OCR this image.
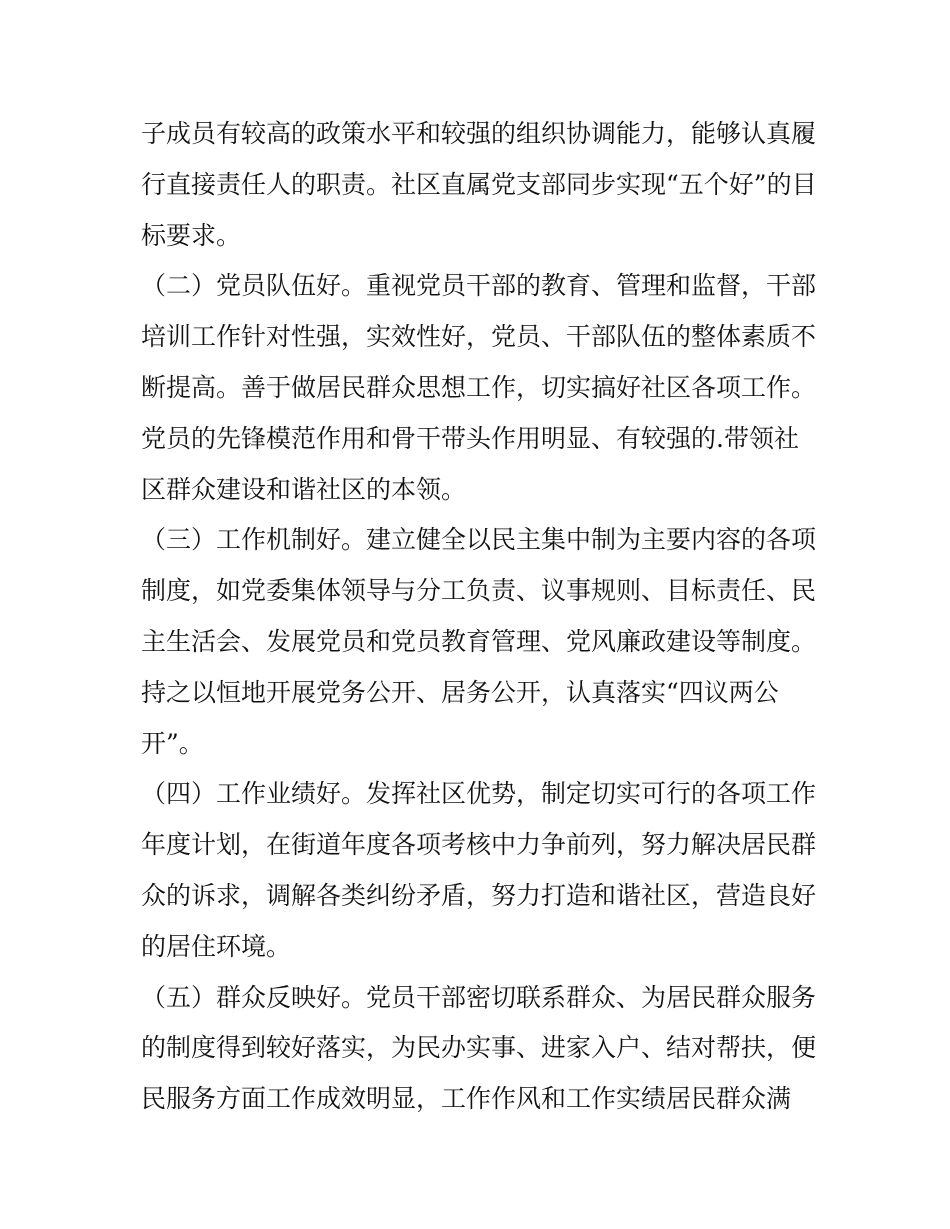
子成员有较高的政策水平和较强的组织协调能力，能够认真履
行直接责任人的职责。社区直属党支部同步实现“五个好”的目
标要求。
（二）党员队伍好。重视党员干部的教育、管理和监督，干部
培训工作针对性强，实效性好，党员、干部队伍的整体素质不
断提高。善于做居民群众思想工作，切实搞好社区各项工作。
党员的先锋模范作用和骨干带头作用明显、有较强的.带领社
区群众建设和谐社区的本领。
（三）工作机制好。建立健全以民主集中制为主要内容的各项
制度，如党委集体领导与分工负责、议事规则、目标责任、民
主生活会、发展党员和党员教育管理、党风廉政建设等制度。
持之以恒地开展党务公开、居务公开，认真落实“四议两公
开”。
（四）工作业绩好。发挥社区优势，制定切实可行的各项工作
年度计划，在街道年度各项考核中力争前列，努力解决居民群
众的诉求，调解各类纠纷矛盾，努力打造和谐社区，营造良好
的居住环境。
（五）群众反映好。党员干部密切联系群众、为居民群众服务
的制度得到较好落实，为民办实事、进家入户、结对帮扶，便
民服务方面工作成效明显，工作作风和工作实绩居民群众满
